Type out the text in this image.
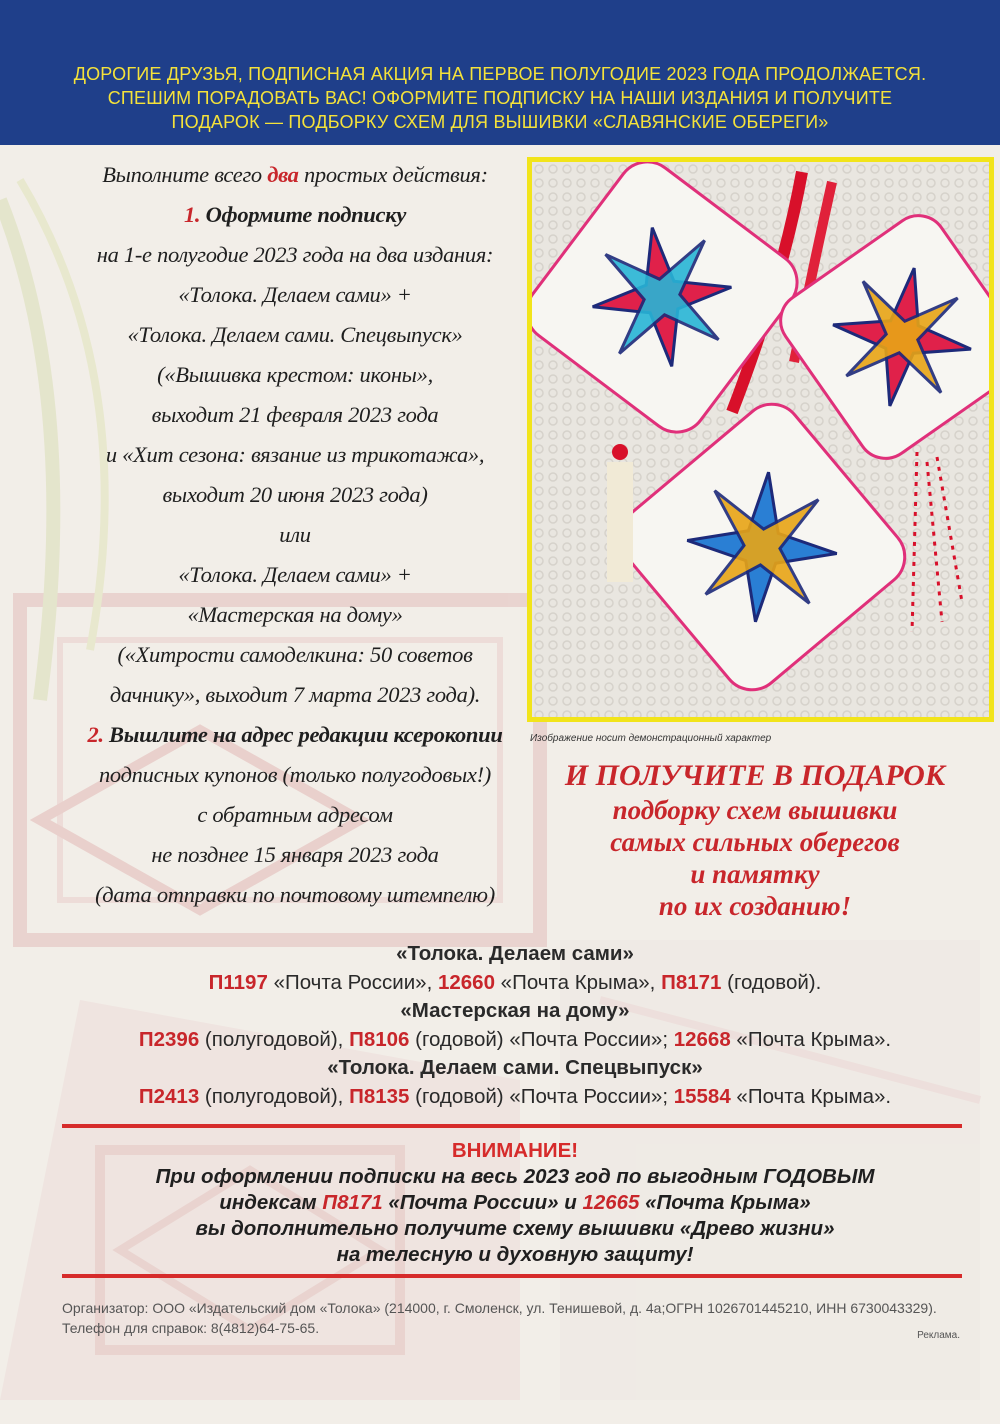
ДОРОГИЕ ДРУЗЬЯ, ПОДПИСНАЯ АКЦИЯ НА ПЕРВОЕ ПОЛУГОДИЕ 2023 ГОДА ПРОДОЛЖАЕТСЯ.
СПЕШИМ ПОРАДОВАТЬ ВАС! ОФОРМИТЕ ПОДПИСКУ НА НАШИ ИЗДАНИЯ И ПОЛУЧИТЕ
ПОДАРОК — ПОДБОРКУ СХЕМ ДЛЯ ВЫШИВКИ «СЛАВЯНСКИЕ ОБЕРЕГИ»
Выполните всего два простых действия:
1. Оформите подписку
на 1-е полугодие 2023 года на два издания:
«Толока. Делаем сами» +
«Толока. Делаем сами. Спецвыпуск»
(«Вышивка крестом: иконы»,
выходит 21 февраля 2023 года
и «Хит сезона: вязание из трикотажа»,
выходит 20 июня 2023 года)
или
«Толока. Делаем сами» +
«Мастерская на дому»
(«Хитрости самоделкина: 50 советов
дачнику», выходит 7 марта 2023 года).
2. Вышлите на адрес редакции ксерокопии
подписных купонов (только полугодовых!)
с обратным адресом
не позднее 15 января 2023 года
(дата отправки по почтовому штемпелю)
Изображение носит демонстрационный характер
И ПОЛУЧИТЕ В ПОДАРОК
подборку схем вышивки
самых сильных оберегов
и памятку
по их созданию!
«Толока. Делаем сами»
П1197 «Почта России», 12660 «Почта Крыма», П8171 (годовой).
«Мастерская на дому»
П2396 (полугодовой), П8106 (годовой) «Почта России»; 12668 «Почта Крыма».
«Толока. Делаем сами. Спецвыпуск»
П2413 (полугодовой), П8135 (годовой) «Почта России»; 15584 «Почта Крыма».
ВНИМАНИЕ!
При оформлении подписки на весь 2023 год по выгодным ГОДОВЫМ
индексам П8171 «Почта России» и 12665 «Почта Крыма»
вы дополнительно получите схему вышивки «Древо жизни»
на телесную и духовную защиту!
Организатор: ООО «Издательский дом «Толока» (214000, г. Смоленск, ул. Тенишевой, д. 4а;ОГРН 1026701445210, ИНН 6730043329). Телефон для справок: 8(4812)64-75-65.	Реклама.
